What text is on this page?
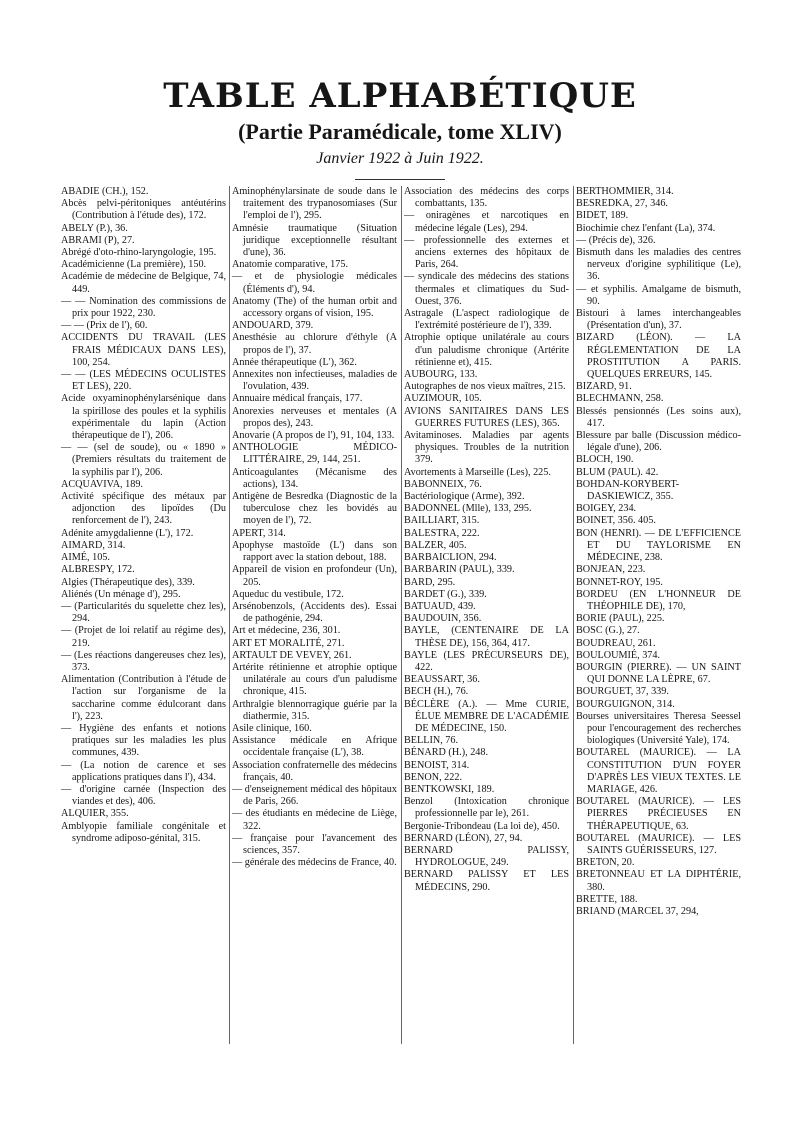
TABLE ALPHABÉTIQUE
(Partie Paramédicale, tome XLIV)

Janvier 1922 à Juin 1922.

ABADIE (CH.), 152.

Abcès pelvi-péritoniques antéutérins (Contribution à l'étude des), 172.

ABELY (P.), 36.

ABRAMI (P), 27.

Abrégé d'oto-rhino-laryngologie, 195.

Académicienne (La première), 150.

Académie de médecine de Belgique, 74, 449.

— — Nomination des commissions de prix pour 1922, 230.

— — (Prix de l'), 60.

ACCIDENTS DU TRAVAIL (LES FRAIS MÉDICAUX DANS LES), 100, 254.

— — (LES MÉDECINS OCULISTES ET LES), 220.

Acide oxyaminophénylarsénique dans la spirillose des poules et la syphilis expérimentale du lapin (Action thérapeutique de l'), 206.

— — (sel de soude), ou « 1890 » (Premiers résultats du traitement de la syphilis par l'), 206.

ACQUAVIVA, 189.

Activité spécifique des métaux par adjonction des lipoïdes (Du renforcement de l'), 243.

Adénite amygdalienne (L'), 172.

AIMARD, 314.

AIMÉ, 105.

ALBRESPY, 172.

Algies (Thérapeutique des), 339.

Aliénés (Un ménage d'), 295.

— (Particularités du squelette chez les), 294.

— (Projet de loi relatif au régime des), 219.

— (Les réactions dangereuses chez les), 373.

Alimentation (Contribution à l'étude de l'action sur l'organisme de la saccharine comme édulcorant dans l'), 223.

— Hygiène des enfants et notions pratiques sur les maladies les plus communes, 439.

— (La notion de carence et ses applications pratiques dans l'), 434.

— d'origine carnée (Inspection des viandes et des), 406.

ALQUIER, 355.

Amblyopie familiale congénitale et syndrome adiposo-génital, 315.

Aminophénylarsinate de soude dans le traitement des trypanosomiases (Sur l'emploi de l'), 295.

Amnésie traumatique (Situation juridique exceptionnelle résultant d'une), 36.

Anatomie comparative, 175.

— et de physiologie médicales (Éléments d'), 94.

Anatomy (The) of the human orbit and accessory organs of vision, 195.

ANDOUARD, 379.

Anesthésie au chlorure d'éthyle (A propos de l'), 37.

Année thérapeutique (L'), 362.

Annexites non infectieuses, maladies de l'ovulation, 439.

Annuaire médical français, 177.

Anorexies nerveuses et mentales (A propos des), 243.

Anovarie (A propos de l'), 91, 104, 133.

ANTHOLOGIE MÉDICO-LITTÉRAIRE, 29, 144, 251.

Anticoagulantes (Mécanisme des actions), 134.

Antigène de Besredka (Diagnostic de la tuberculose chez les bovidés au moyen de l'), 72.

APERT, 314.

Apophyse mastoïde (L') dans son rapport avec la station debout, 188.

Appareil de vision en profondeur (Un), 205.

Aqueduc du vestibule, 172.

Arsénobenzols, (Accidents des). Essai de pathogénie, 294.

Art et médecine, 236, 301.

ART ET MORALITÉ, 271.

ARTAULT DE VEVEY, 261.

Artérite rétinienne et atrophie optique unilatérale au cours d'un paludisme chronique, 415.

Arthralgie blennorragique guérie par la diathermie, 315.

Asile clinique, 160.

Assistance médicale en Afrique occidentale française (L'), 38.

Association confraternelle des médecins français, 40.

— d'enseignement médical des hôpitaux de Paris, 266.

— des étudiants en médecine de Liège, 322.

— française pour l'avancement des sciences, 357.

— générale des médecins de France, 40.

Association des médecins des corps combattants, 135.

— oniragènes et narcotiques en médecine légale (Les), 294.

— professionnelle des externes et anciens externes des hôpitaux de Paris, 264.

— syndicale des médecins des stations thermales et climatiques du Sud-Ouest, 376.

Astragale (L'aspect radiologique de l'extrémité postérieure de l'), 339.

Atrophie optique unilatérale au cours d'un paludisme chronique (Artérite rétinienne et), 415.

AUBOURG, 133.

Autographes de nos vieux maîtres, 215.

AUZIMOUR, 105.

AVIONS SANITAIRES DANS LES GUERRES FUTURES (LES), 365.

Avitaminoses. Maladies par agents physiques. Troubles de la nutrition 379.

Avortements à Marseille (Les), 225.

BABONNEIX, 76.

Bactériologique (Arme), 392.

BADONNEL (Mlle), 133, 295.

BAILLIART, 315.

BALESTRA, 222.

BALZER, 405.

BARBAICLION, 294.

BARBARIN (PAUL), 339.

BARD, 295.

BARDET (G.), 339.

BATUAUD, 439.

BAUDOUIN, 356.

BAYLE, (CENTENAIRE DE LA THÈSE DE), 156, 364, 417.

BAYLE (LES PRÉCURSEURS DE), 422.

BEAUSSART, 36.

BECH (H.), 76.

BÉCLÈRE (A.). — Mme CURIE, ÉLUE MEMBRE DE L'ACADÉMIE DE MÉDECINE, 150.

BELLIN, 76.

BÉNARD (H.), 248.

BENOIST, 314.

BENON, 222.

BENTKOWSKI, 189.

Benzol (Intoxication chronique professionnelle par le), 261.

Bergonie-Tribondeau (La loi de), 450.

BERNARD (LÉON), 27, 94.

BERNARD PALISSY, HYDROLOGUE, 249.

BERNARD PALISSY ET LES MÉDECINS, 290.

BERTHOMMIER, 314.

BESREDKA, 27, 346.

BIDET, 189.

Biochimie chez l'enfant (La), 374.

— (Précis de), 326.

Bismuth dans les maladies des centres nerveux d'origine syphilitique (Le), 36.

— et syphilis. Amalgame de bismuth, 90.

Bistouri à lames interchangeables (Présentation d'un), 37.

BIZARD (LÉON). — LA RÉGLEMENTATION DE LA PROSTITUTION A PARIS. QUELQUES ERREURS, 145.

BIZARD, 91.

BLECHMANN, 258.

Blessés pensionnés (Les soins aux), 417.

Blessure par balle (Discussion médico-légale d'une), 206.

BLOCH, 190.

BLUM (PAUL). 42.

BOHDAN-KORYBERT-DASKIEWICZ, 355.

BOIGEY, 234.

BOINET, 356. 405.

BON (HENRI). — DE L'EFFICIENCE ET DU TAYLORISME EN MÉDECINE, 238.

BONJEAN, 223.

BONNET-ROY, 195.

BORDEU (EN L'HONNEUR DE THÉOPHILE DE), 170,

BORIE (PAUL), 225.

BOSC (G.), 27.

BOUDREAU, 261.

BOULOUMIÉ, 374.

BOURGIN (PIERRE). — UN SAINT QUI DONNE LA LÈPRE, 67.

BOURGUET, 37, 339.

BOURGUIGNON, 314.

Bourses universitaires Theresa Seessel pour l'encouragement des recherches biologiques (Université Yale), 174.

BOUTAREL (MAURICE). — LA CONSTITUTION D'UN FOYER D'APRÈS LES VIEUX TEXTES. LE MARIAGE, 426.

BOUTAREL (MAURICE). — LES PIERRES PRÉCIEUSES EN THÉRAPEUTIQUE, 63.

BOUTAREL (MAURICE). — LES SAINTS GUÉRISSEURS, 127.

BRETON, 20.

BRETONNEAU ET LA DIPHTÉRIE, 380.

BRETTE, 188.

BRIAND (MARCEL 37, 294,
